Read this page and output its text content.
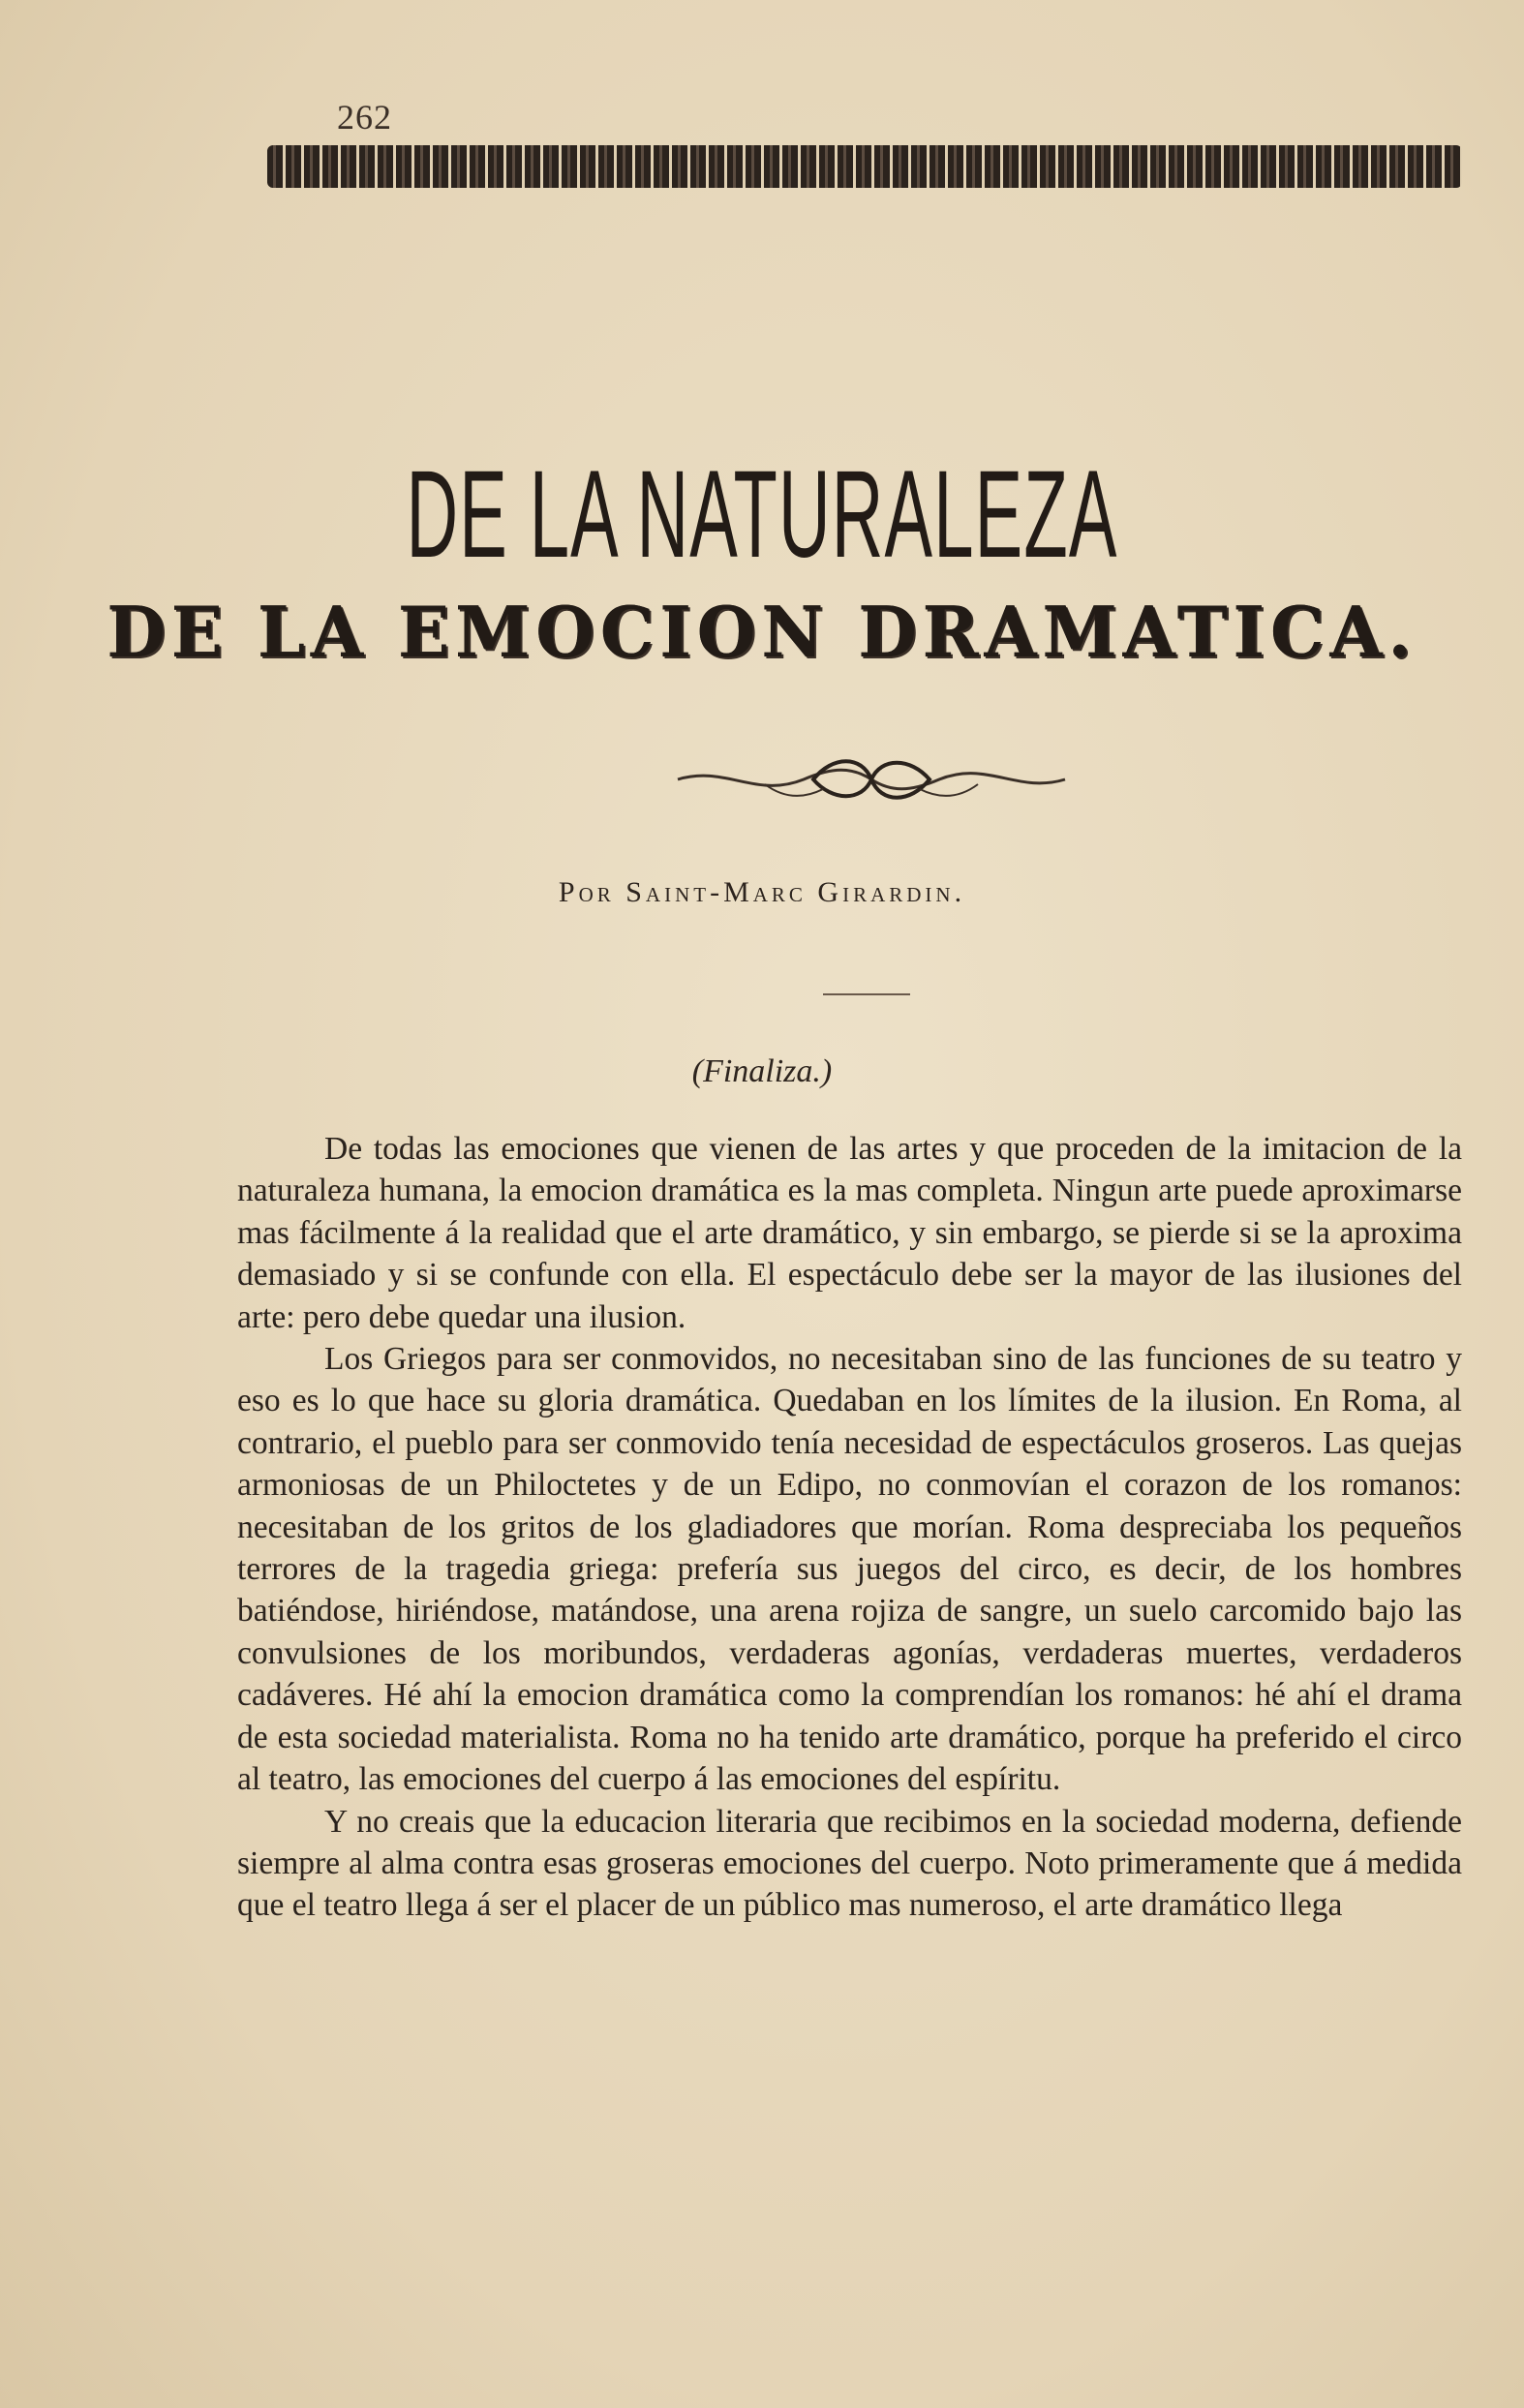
262
DE LA NATURALEZA
DE LA EMOCION DRAMATICA.
Por Saint-Marc Girardin.
(Finaliza.)

De todas las emociones que vienen de las artes y que proceden de la imitacion de la naturaleza humana, la emocion dramática es la mas completa. Ningun arte puede aproximarse mas fácilmente á la realidad que el arte dramático, y sin embargo, se pierde si se la aproxima demasiado y si se confunde con ella. El espectáculo debe ser la mayor de las ilusiones del arte: pero debe quedar una ilusion.

Los Griegos para ser conmovidos, no necesitaban sino de las funciones de su teatro y eso es lo que hace su gloria dramática. Quedaban en los límites de la ilusion. En Roma, al contrario, el pueblo para ser conmovido tenía necesidad de espectáculos groseros. Las quejas armoniosas de un Philoctetes y de un Edipo, no conmovían el corazon de los romanos: necesitaban de los gritos de los gladiadores que morían. Roma despreciaba los pequeños terrores de la tragedia griega: prefería sus juegos del circo, es decir, de los hombres batiéndose, hiriéndose, matándose, una arena rojiza de sangre, un suelo carcomido bajo las convulsiones de los moribundos, verdaderas agonías, verdaderas muertes, verdaderos cadáveres. Hé ahí la emocion dramática como la comprendían los romanos: hé ahí el drama de esta sociedad materialista. Roma no ha tenido arte dramático, porque ha preferido el circo al teatro, las emociones del cuerpo á las emociones del espíritu.

Y no creais que la educacion literaria que recibimos en la sociedad moderna, defiende siempre al alma contra esas groseras emociones del cuerpo. Noto primeramente que á medida que el teatro llega á ser el placer de un público mas numeroso, el arte dramático llega
